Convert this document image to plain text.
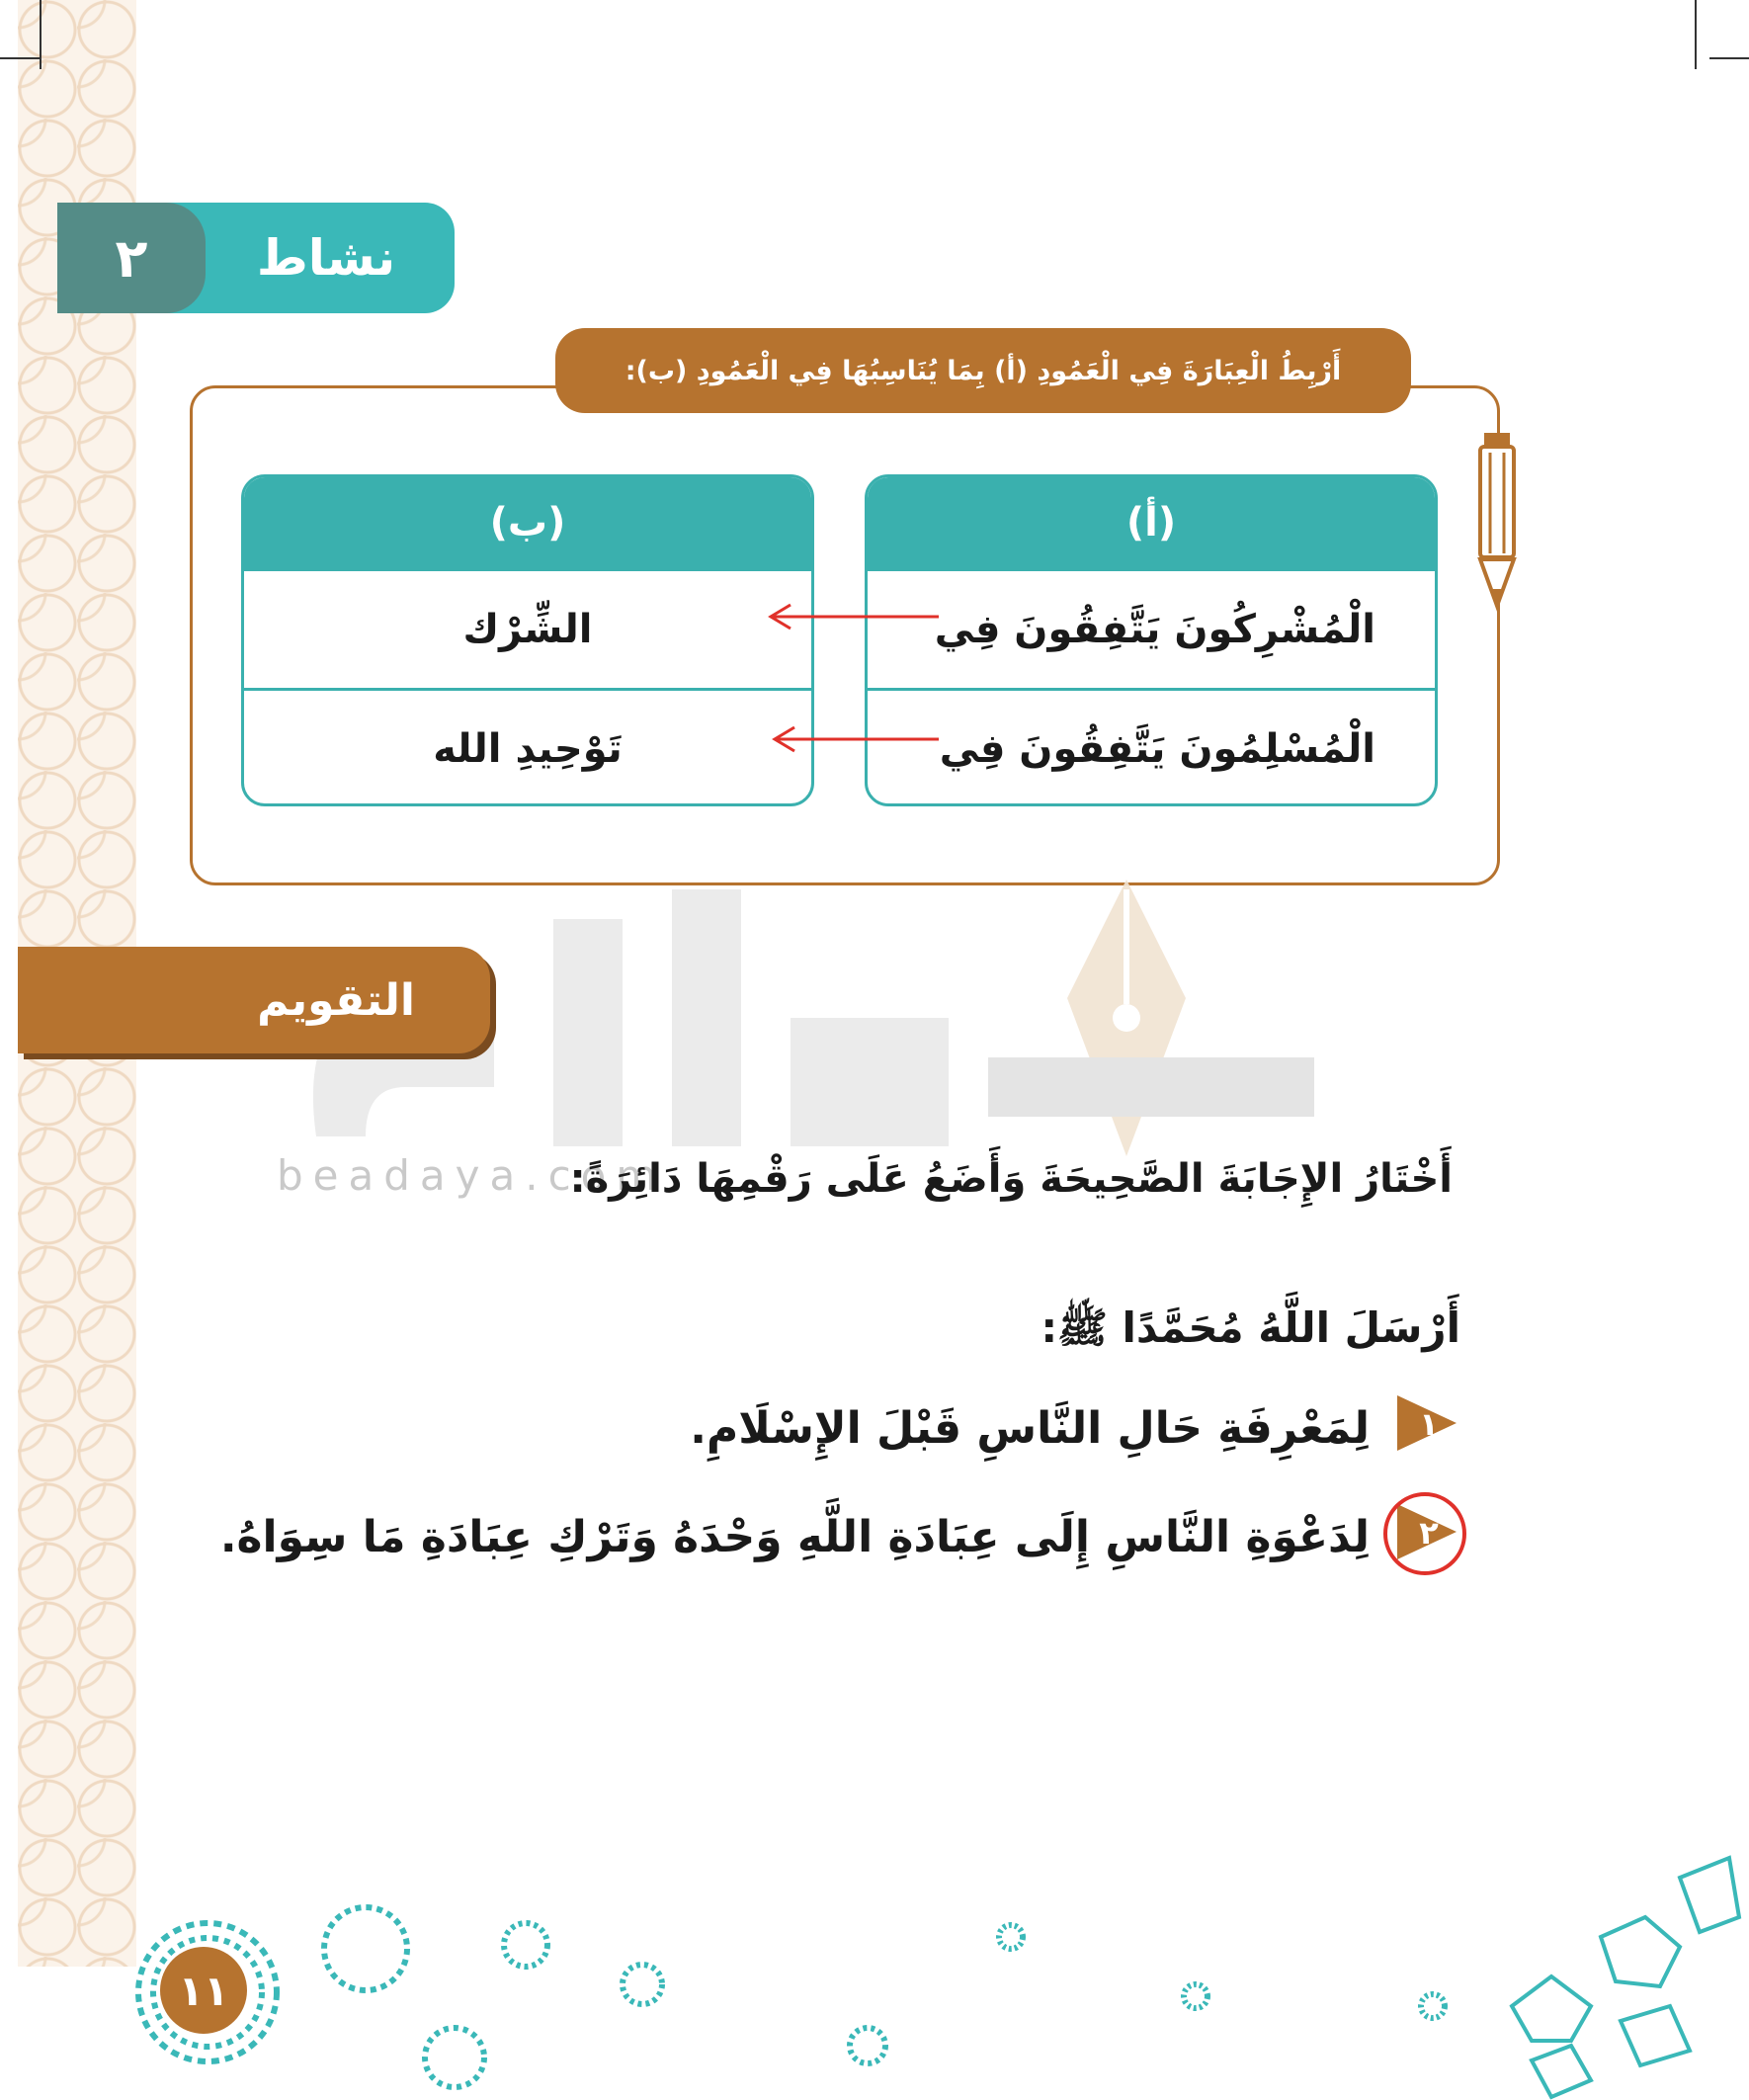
٢	نشاط
أَرْبِطُ الْعِبَارَةَ فِي الْعَمُودِ (أ) بِمَا يُنَاسِبُهَا فِي الْعَمُودِ (ب):
(أ)
الْمُشْرِكُونَ يَتَّفِقُونَ فِي
الْمُسْلِمُونَ يَتَّفِقُونَ فِي
(ب)
الشِّرْك
تَوْحِيدِ الله
beadaya.com
التقويم
أَخْتَارُ الإِجَابَةَ الصَّحِيحَةَ وَأَضَعُ عَلَى رَقْمِهَا دَائِرَةً:
أَرْسَلَ اللَّهُ مُحَمَّدًا ﷺ:
١
لِمَعْرِفَةِ حَالِ النَّاسِ قَبْلَ الإِسْلَامِ.
٢
لِدَعْوَةِ النَّاسِ إِلَى عِبَادَةِ اللَّهِ وَحْدَهُ وَتَرْكِ عِبَادَةِ مَا سِوَاهُ.
١١
